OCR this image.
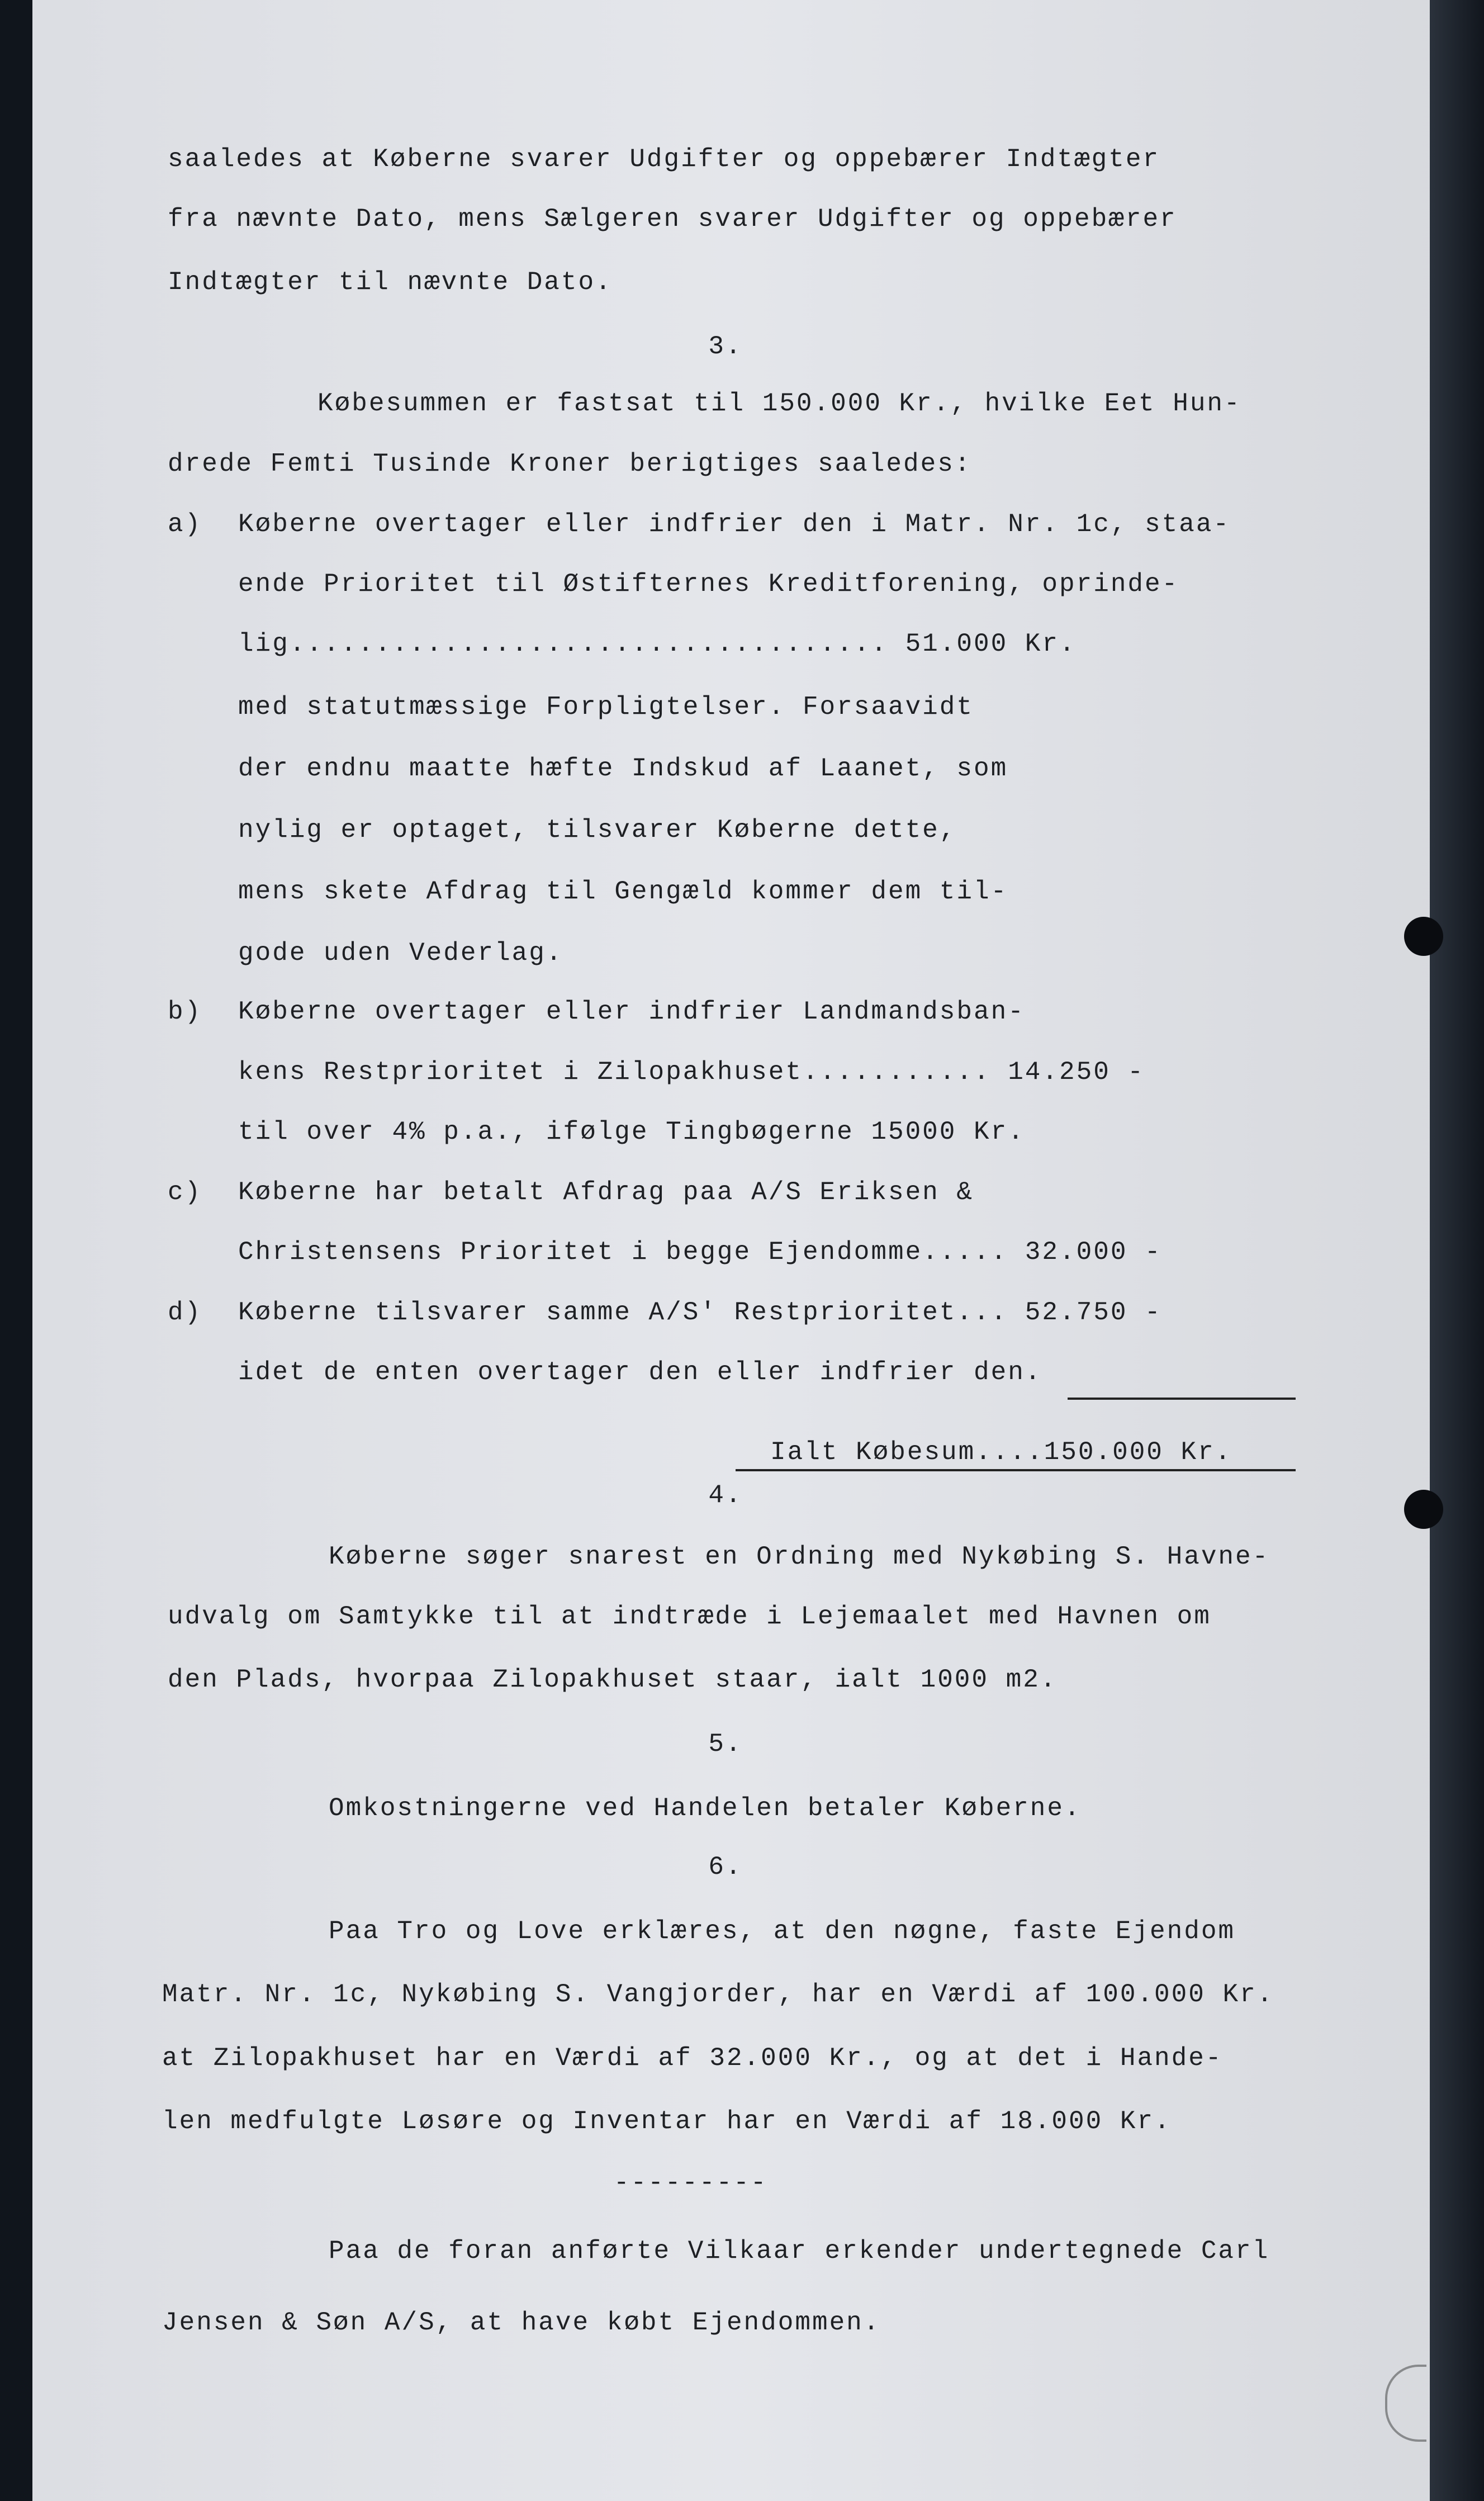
saaledes at Køberne svarer Udgifter og oppebærer Indtægter
fra nævnte Dato, mens Sælgeren svarer Udgifter og oppebærer
Indtægter til nævnte Dato.
3.
Købesummen er fastsat til 150.000 Kr., hvilke Eet Hun-
drede Femti Tusinde Kroner berigtiges saaledes:
a) Køberne overtager eller indfrier den i Matr. Nr. 1c, staa-
ende Prioritet til Østifternes Kreditforening, oprinde-
lig................................... 51.000 Kr.
med statutmæssige Forpligtelser. Forsaavidt
der endnu maatte hæfte Indskud af Laanet, som
nylig er optaget, tilsvarer Køberne dette,
mens skete Afdrag til Gengæld kommer dem til-
gode uden Vederlag.
b) Køberne overtager eller indfrier Landmandsban-
kens Restprioritet i Zilopakhuset........... 14.250 -
til over 4% p.a., ifølge Tingbøgerne 15000 Kr.
c) Køberne har betalt Afdrag paa A/S Eriksen &
Christensens Prioritet i begge Ejendomme..... 32.000 -
d) Køberne tilsvarer samme A/S' Restprioritet... 52.750 -
idet de enten overtager den eller indfrier den.
Ialt Købesum....150.000 Kr.
4.
Køberne søger snarest en Ordning med Nykøbing S. Havne-
udvalg om Samtykke til at indtræde i Lejemaalet med Havnen om
den Plads, hvorpaa Zilopakhuset staar, ialt 1000 m2.
5.
Omkostningerne ved Handelen betaler Køberne.
6.
Paa Tro og Love erklæres, at den nøgne, faste Ejendom
Matr. Nr. 1c, Nykøbing S. Vangjorder, har en Værdi af 100.000 Kr.
at Zilopakhuset har en Værdi af 32.000 Kr., og at det i Hande-
len medfulgte Løsøre og Inventar har en Værdi af 18.000 Kr.
---------
Paa de foran anførte Vilkaar erkender undertegnede Carl
Jensen & Søn A/S, at have købt Ejendommen.
